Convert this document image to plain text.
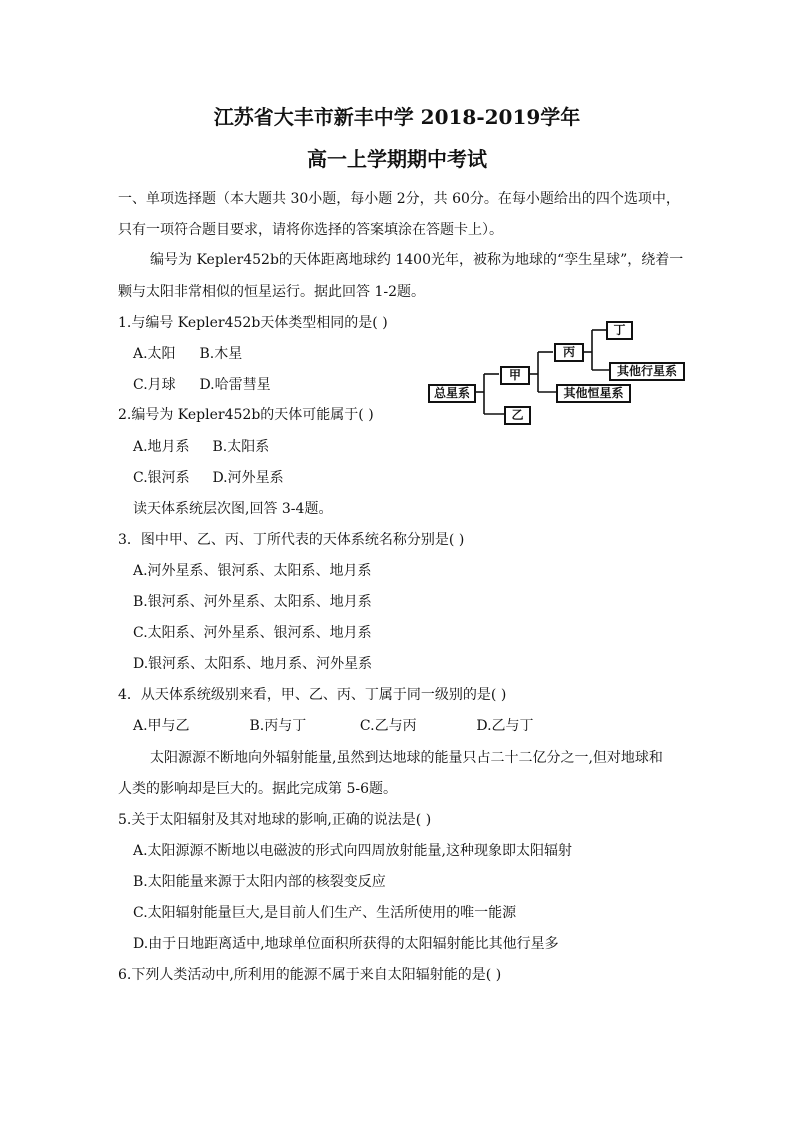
江苏省大丰市新丰中学 2018-2019学年
高一上学期期中考试
一、单项选择题（本大题共 30小题，每小题 2分，共 60分。在每小题给出的四个选项中，
只有一项符合题目要求，请将你选择的答案填涂在答题卡上）。
编号为 Kepler452b的天体距离地球约 1400光年，被称为地球的“孪生星球”，绕着一
颗与太阳非常相似的恒星运行。据此回答 1-2题。
1.与编号 Kepler452b天体类型相同的是( )
A.太阳 B.木星
C.月球 D.哈雷彗星
2.编号为 Kepler452b的天体可能属于( )
A.地月系 B.太阳系
C.银河系 D.河外星系
读天体系统层次图,回答 3-4题。
总星系
甲
乙
丙
其他恒星系
丁
其他行星系
3．图中甲、乙、丙、丁所代表的天体系统名称分别是( )
A.河外星系、银河系、太阳系、地月系
B.银河系、河外星系、太阳系、地月系
C.太阳系、河外星系、银河系、地月系
D.银河系、太阳系、地月系、河外星系
4．从天体系统级别来看，甲、乙、丙、丁属于同一级别的是( )
A.甲与乙	B.丙与丁	C.乙与丙	D.乙与丁
太阳源源不断地向外辐射能量,虽然到达地球的能量只占二十二亿分之一,但对地球和
人类的影响却是巨大的。据此完成第 5-6题。
5.关于太阳辐射及其对地球的影响,正确的说法是( )
A.太阳源源不断地以电磁波的形式向四周放射能量,这种现象即太阳辐射
B.太阳能量来源于太阳内部的核裂变反应
C.太阳辐射能量巨大,是目前人们生产、生活所使用的唯一能源
D.由于日地距离适中,地球单位面积所获得的太阳辐射能比其他行星多
6.下列人类活动中,所利用的能源不属于来自太阳辐射能的是( )
